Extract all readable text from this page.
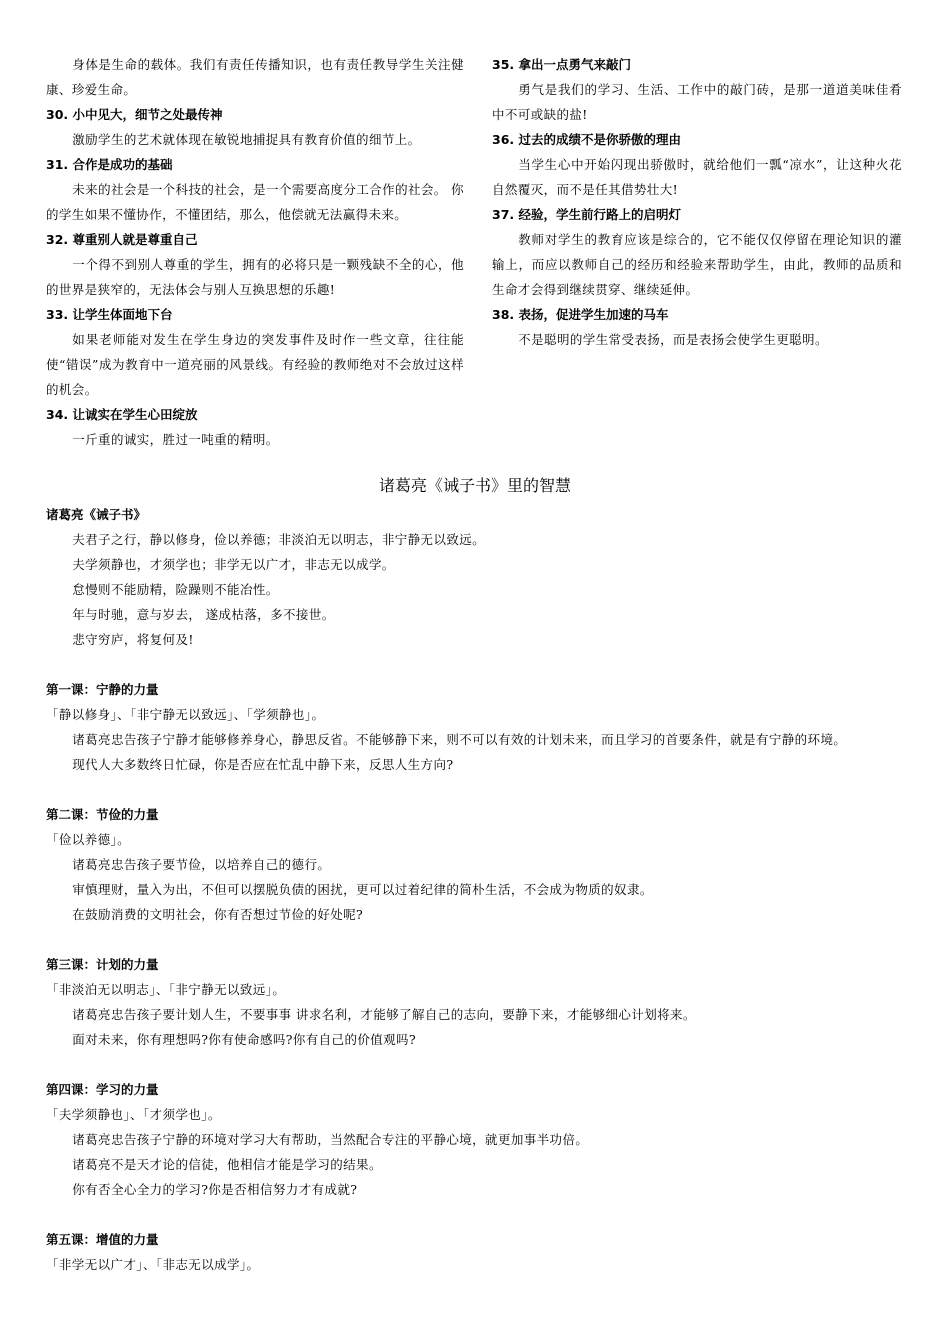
身体是生命的载体。我们有责任传播知识，也有责任教导学生关注健康、珍爱生命。

30. 小中见大，细节之处最传神

激励学生的艺术就体现在敏锐地捕捉具有教育价值的细节上。

31. 合作是成功的基础

未来的社会是一个科技的社会，是一个需要高度分工合作的社会。 你的学生如果不懂协作，不懂团结，那么，他偿就无法赢得未来。

32. 尊重别人就是尊重自己

一个得不到别人尊重的学生，拥有的必将只是一颗残缺不全的心，他的世界是狭窄的，无法体会与别人互换思想的乐趣!

33. 让学生体面地下台

如果老师能对发生在学生身边的突发事件及时作一些文章，往往能使“错误”成为教育中一道亮丽的风景线。有经验的教师绝对不会放过这样的机会。

34. 让诚实在学生心田绽放

一斤重的诚实，胜过一吨重的精明。

35. 拿出一点勇气来敲门

勇气是我们的学习、生活、工作中的敲门砖，是那一道道美味佳肴中不可或缺的盐!

36. 过去的成绩不是你骄傲的理由

当学生心中开始闪现出骄傲时，就给他们一瓢“凉水”，让这种火花自然覆灭，而不是任其借势壮大!

37. 经验，学生前行路上的启明灯

教师对学生的教育应该是综合的，它不能仅仅停留在理论知识的灌输上，而应以教师自己的经历和经验来帮助学生，由此，教师的品质和生命才会得到继续贯穿、继续延伸。

38. 表扬，促进学生加速的马车

不是聪明的学生常受表扬，而是表扬会使学生更聪明。

诸葛亮《诫子书》里的智慧

诸葛亮《诫子书》

夫君子之行，静以修身，俭以养德；非淡泊无以明志，非宁静无以致远。

夫学须静也，才须学也；非学无以广才，非志无以成学。

怠慢则不能励精，险躁则不能冶性。

年与时驰，意与岁去， 遂成枯落，多不接世。

悲守穷庐，将复何及!

第一课：宁静的力量

「静以修身」、「非宁静无以致远」、「学须静也」。

诸葛亮忠告孩子宁静才能够修养身心，静思反省。不能够静下来，则不可以有效的计划未来，而且学习的首要条件，就是有宁静的环境。

现代人大多数终日忙碌，你是否应在忙乱中静下来，反思人生方向?

第二课：节俭的力量

「俭以养德」。

诸葛亮忠告孩子要节俭，以培养自己的德行。

审慎理财，量入为出，不但可以摆脱负债的困扰，更可以过着纪律的简朴生活，不会成为物质的奴隶。

在鼓励消费的文明社会，你有否想过节俭的好处呢?

第三课：计划的力量

「非淡泊无以明志」、「非宁静无以致远」。

诸葛亮忠告孩子要计划人生，不要事事 讲求名利，才能够了解自己的志向，要静下来，才能够细心计划将来。

面对未来，你有理想吗?你有使命感吗?你有自己的价值观吗?

第四课：学习的力量

「夫学须静也」、「才须学也」。

诸葛亮忠告孩子宁静的环境对学习大有帮助，当然配合专注的平静心境，就更加事半功倍。

诸葛亮不是天才论的信徒，他相信才能是学习的结果。

你有否全心全力的学习?你是否相信努力才有成就?

第五课：增值的力量

「非学无以广才」、「非志无以成学」。
